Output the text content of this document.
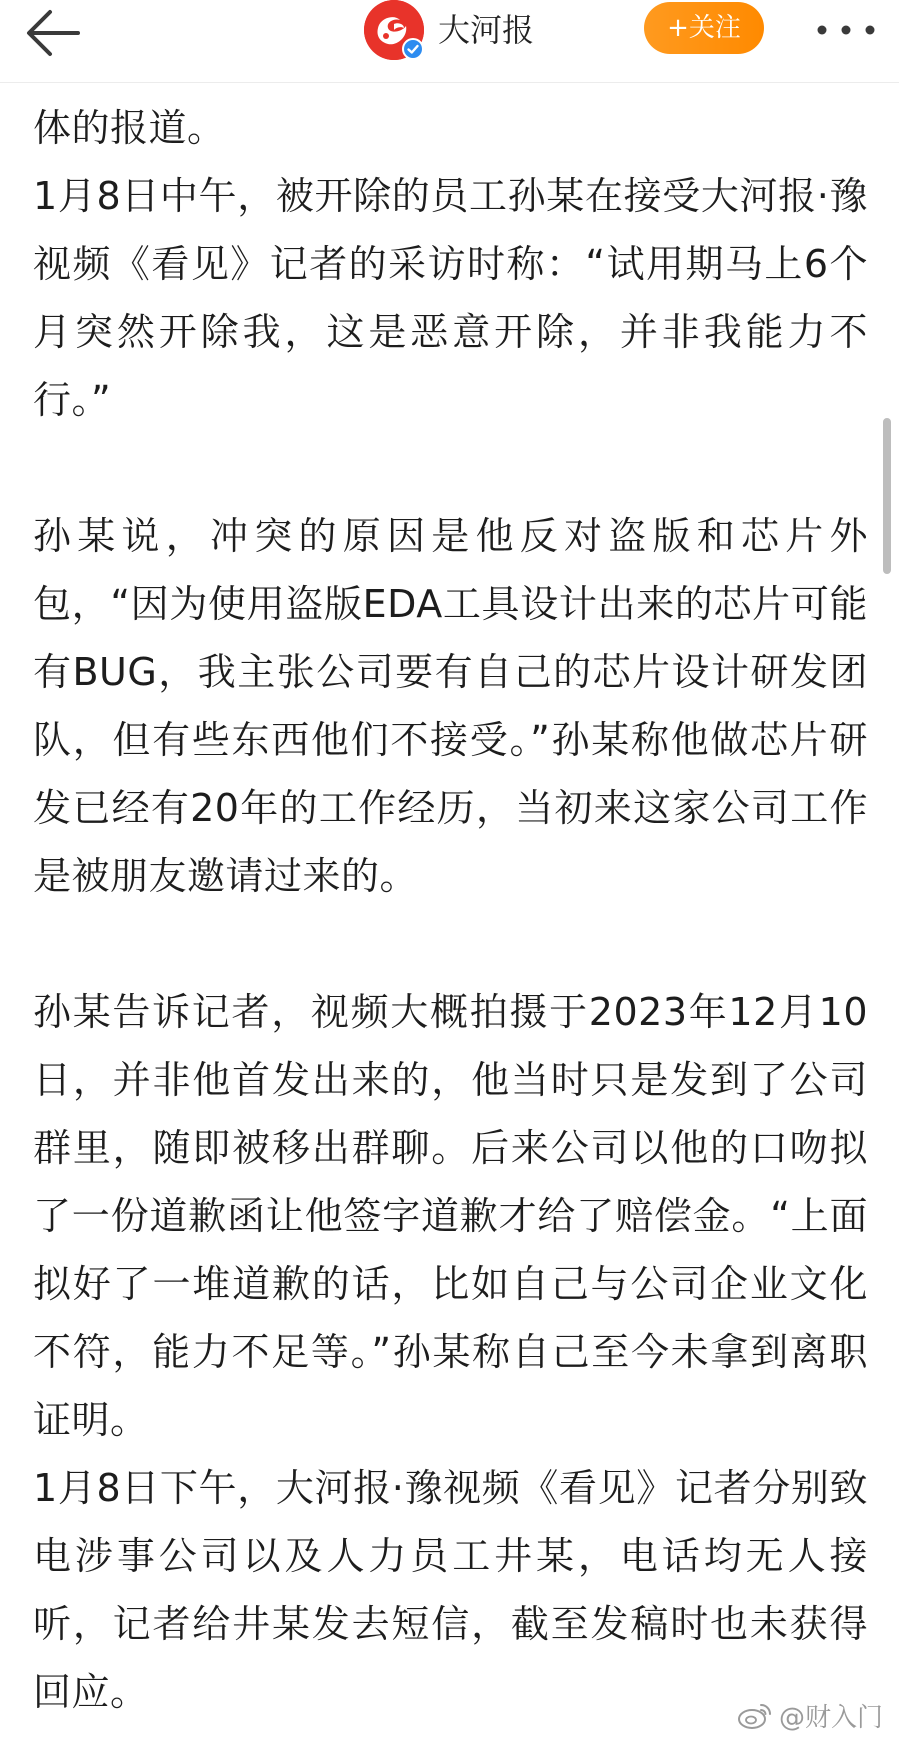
大河报	+关注

体的报道。

1月8日中午，被开除的员工孙某在接受大河报·豫视频《看见》记者的采访时称：“试用期马上6个月突然开除我，这是恶意开除，并非我能力不行。”

孙某说，冲突的原因是他反对盗版和芯片外包，“因为使用盗版EDA工具设计出来的芯片可能有BUG，我主张公司要有自己的芯片设计研发团队，但有些东西他们不接受。”孙某称他做芯片研发已经有20年的工作经历，当初来这家公司工作是被朋友邀请过来的。

孙某告诉记者，视频大概拍摄于2023年12月10日，并非他首发出来的，他当时只是发到了公司群里，随即被移出群聊。后来公司以他的口吻拟了一份道歉函让他签字道歉才给了赔偿金。“上面拟好了一堆道歉的话，比如自己与公司企业文化不符，能力不足等。”孙某称自己至今未拿到离职证明。

1月8日下午，大河报·豫视频《看见》记者分别致电涉事公司以及人力员工井某，电话均无人接听，记者给井某发去短信，截至发稿时也未获得回应。

@财入门
